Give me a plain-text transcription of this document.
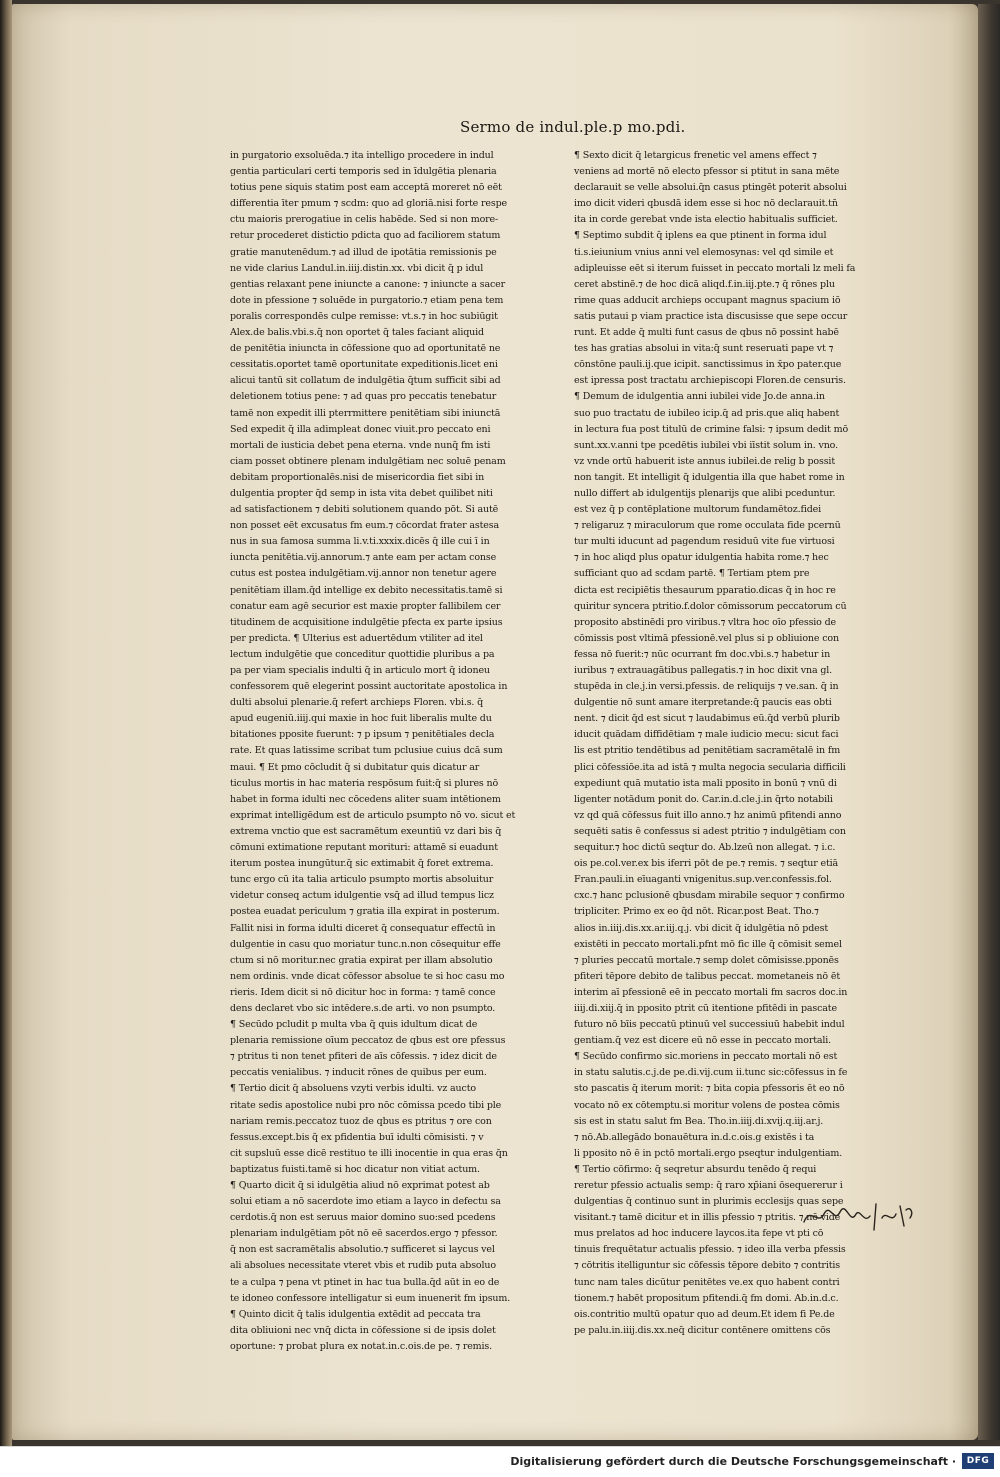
Sermo de indul.ple.p mo.pdi.
in purgatorio exsoluēda.⁊ ita intelligo procedere in indul
gentia particulari certi temporis sed in īdulgētia plenaria
totius pene siquis statim post eam acceptā moreret nō eēt
differentia īter pmum ⁊ scdm: quo ad gloriā.nisi forte respe
ctu maioris prerogatiue in celis habēde. Sed si non more-
retur procederet distictio pdicta quo ad faciliorem statum
gratie manutenēdum.⁊ ad illud de ipotātia remissionis pe
ne vide clarius Landul.in.iiij.distin.xx. vbi dicit q̄ p idul
gentias relaxant pene iniuncte a canone: ⁊ iniuncte a sacer
dote in pfessione ⁊ soluēde in purgatorio.⁊ etiam pena tem
poralis correspondēs culpe remisse: vt.s.⁊ in hoc subiūgit
Alex.de balis.vbi.s.q̄ non oportet q̄ tales faciant aliquid
de penitētia iniuncta in cōfessione quo ad oportunitatē ne
cessitatis.oportet tamē oportunitate expeditionis.licet eni
alicui tantū sit collatum de indulgētia q̄tum sufficit sibi ad
deletionem totius pene: ⁊ ad quas pro peccatis tenebatur
tamē non expedit illi pterrmittere penitētiam sibi iniunctā
Sed expedit q̄ illa adimpleat donec viuit.pro peccato eni
mortali de iusticia debet pena eterna. vnde nunq̄ fm isti
ciam posset obtinere plenam indulgētiam nec soluē penam
debitam proportionalēs.nisi de misericordia fiet sibi in
dulgentia propter q̄d semp in ista vita debet quilibet niti
ad satisfactionem ⁊ debiti solutionem quando pōt. Si autē
non posset eēt excusatus fm eum.⁊ cōcordat frater astesa
nus in sua famosa summa li.v.ti.xxxix.dicēs q̄ ille cui ī in
iuncta penitētia.vij.annorum.⁊ ante eam per actam conse
cutus est postea indulgētiam.vij.annor non tenetur agere
penitētiam illam.q̄d intellige ex debito necessitatis.tamē si
conatur eam agē securior est maxie propter fallibilem cer
titudinem de acquisitione indulgētie pfecta ex parte ipsius
per predicta. ¶ Ulterius est aduertēdum vtiliter ad itel
lectum indulgētie que conceditur quottidie pluribus a pa
pa per viam specialis indulti q̄ in articulo mort q̄ idoneu
confessorem quē elegerint possint auctoritate apostolica in
dulti absolui plenarie.q̄ refert archieps Floren. vbi.s. q̄
apud eugeniū.iiij.qui maxie in hoc fuit liberalis multe du
bitationes pposite fuerunt: ⁊ p ipsum ⁊ penitētiales decla
rate. Et quas latissime scribat tum pclusiue cuius dcā sum
maui. ¶ Et pmo cōcludit q̄ si dubitatur quis dicatur ar
ticulus mortis in hac materia respōsum fuit:q̄ si plures nō
habet in forma idulti nec cōcedens aliter suam intētionem
exprimat intelligēdum est de articulo psumpto nō vo. sicut et
extrema vnctio que est sacramētum exeuntiū vz dari bis q̄
cōmuni extimatione reputant morituri: attamē si euadunt
iterum postea inungūtur.q̄ sic extimabit q̄ foret extrema.
tunc ergo cū ita talia articulo psumpto mortis absoluitur
videtur conseq actum idulgentie vsq̄ ad illud tempus licz
postea euadat periculum ⁊ gratia illa expirat in posterum.
Fallit nisi in forma idulti diceret q̄ consequatur effectū in
dulgentie in casu quo moriatur tunc.n.non cōsequitur effe
ctum si nō moritur.nec gratia expirat per illam absolutio
nem ordinis. vnde dicat cōfessor absolue te si hoc casu mo
rieris. Idem dicit si nō dicitur hoc in forma: ⁊ tamē conce
dens declaret vbo sic intēdere.s.de arti. vo non psumpto.
¶ Secūdo pcludit p multa vba q̄ quis idultum dicat de
plenaria remissione oīum peccatoz de qbus est ore pfessus
⁊ ptritus ti non tenet pfiteri de aīs cōfessis. ⁊ idez dicit de
peccatis venialibus. ⁊ inducit rōnes de quibus per eum.
¶ Tertio dicit q̄ absoluens vzyti verbis idulti. vz aucto
ritate sedis apostolice nubi pro nōc cōmissa pcedo tibi ple
nariam remis.peccatoz tuoz de qbus es ptritus ⁊ ore con
fessus.except.bis q̄ ex pfidentia buī idulti cōmisisti. ⁊ v
cit supsluū esse dicē restituo te illi inocentie in qua eras q̄n
baptizatus fuisti.tamē si hoc dicatur non vitiat actum.
¶ Quarto dicit q̄ si idulgētia aliud nō exprimat potest ab
solui etiam a nō sacerdote imo etiam a layco in defectu sa
cerdotis.q̄ non est seruus maior domino suo:sed pcedens
plenariam indulgētiam pōt nō eē sacerdos.ergo ⁊ pfessor.
q̄ non est sacramētalis absolutio.⁊ sufficeret si laycus vel
ali absolues necessitate vteret vbis et rudib puta absoluo
te a culpa ⁊ pena vt ptinet in hac tua bulla.q̄d aūt in eo de
te idoneo confessore intelligatur si eum inuenerit fm ipsum.
¶ Quinto dicit q̄ talis idulgentia extēdit ad peccata tra
dita obliuioni nec vnq̄ dicta in cōfessione si de ipsis dolet
oportune: ⁊ probat plura ex notat.in.c.ois.de pe. ⁊ remis.
¶ Sexto dicit q̄ letargicus frenetic vel amens effect ⁊
veniens ad mortē nō electo pfessor si ptitut in sana mēte
declarauit se velle absolui.q̄n casus ptingēt poterit absolui
imo dicit videri qbusdā idem esse si hoc nō declarauit.tn̄
ita in corde gerebat vnde ista electio habitualis sufficiet.
¶ Septimo subdit q̄ iplens ea que ptinent in forma idul
ti.s.ieiunium vnius anni vel elemosynas: vel qd simile et
adipleuisse eēt si iterum fuisset in peccato mortali lz meli fa
ceret abstinē.⁊ de hoc dicā aliqd.f.in.iij.pte.⁊ q̄ rōnes plu
rime quas adducit archieps occupant magnus spacium iō
satis putaui p viam practice ista discusisse que sepe occur
runt. Et adde q̄ multi funt casus de qbus nō possint habē
tes has gratias absolui in vita:q̄ sunt reseruati pape vt ⁊
cōnstōne pauli.ij.que icipit. sanctissimus in x̄po pater.que
est ipressa post tractatu archiepiscopi Floren.de censuris.
¶ Demum de idulgentia anni iubilei vide Jo.de anna.in
suo puo tractatu de iubileo icip.q̄ ad pris.que aliq habent
in lectura fua post titulū de crimine falsi: ⁊ ipsum dedit mō
sunt.xx.v.anni tpe pcedētis iubilei vbi iīstit solum in. vno.
vz vnde ortū habuerit iste annus iubilei.de relig b possit
non tangit. Et intelligit q̄ idulgentia illa que habet rome in
nullo differt ab idulgentijs plenarijs que alibi pceduntur.
est vez q̄ p contēplatione multorum fundamētoz.fidei
⁊ religaruz ⁊ miraculorum que rome occulata fide pcernū
tur multi iducunt ad pagendum residuū vite fue virtuosi
⁊ in hoc aliqd plus opatur idulgentia habita rome.⁊ hec
sufficiant quo ad scdam partē. ¶ Tertiam ptem pre
dicta est recipiētis thesaurum pparatio.dicas q̄ in hoc re
quiritur syncera ptritio.f.dolor cōmissorum peccatorum cū
proposito abstinēdi pro viribus.⁊ vltra hoc oīo pfessio de
cōmissis post vltimā pfessionē.vel plus si p obliuione con
fessa nō fuerit:⁊ nūc ocurrant fm doc.vbi.s.⁊ habetur in
iuribus ⁊ extrauagātibus pallegatis.⁊ in hoc dixit vna gl.
stupēda in cle.j.in versi.pfessis. de reliquijs ⁊ ve.san. q̄ in
dulgentie nō sunt amare iterpretande:q̄ paucis eas obti
nent. ⁊ dicit q̄d est sicut ⁊ laudabimus eū.q̄d verbū plurib
iducit quādam diffidētiam ⁊ male iudicio mecu: sicut faci
lis est ptritio tendētibus ad penitētiam sacramētalē in fm
plici cōfessiōe.ita ad istā ⁊ multa negocia secularia difficili
expediunt quā mutatio ista mali pposito in bonū ⁊ vnū di
ligenter notādum ponit do. Car.in.d.cle.j.in q̄rto notabili
vz qd quā cōfessus fuit illo anno.⁊ hz animū pfitendi anno
sequēti satis ē confessus si adest ptritio ⁊ indulgētiam con
sequitur.⁊ hoc dictū seqtur do. Ab.lzeū non allegat. ⁊ i.c.
ois pe.col.ver.ex bis iferri pōt de pe.⁊ remis. ⁊ seqtur etiā
Fran.pauli.in eīuaganti vnigenitus.sup.ver.confessis.fol.
cxc.⁊ hanc pclusionē qbusdam mirabile sequor ⁊ confirmo
tripliciter. Primo ex eo q̄d nōt. Ricar.post Beat. Tho.⁊
alios in.iiij.dis.xx.ar.iij.q.j. vbi dicit q̄ idulgētia nō pdest
existēti in peccato mortali.pfnt mō fic ille q̄ cōmisit semel
⁊ pluries peccatū mortale.⁊ semp dolet cōmisisse.pponēs
pfiteri tēpore debito de talibus peccat. mometaneis nō ēt
interim aī pfessionē eē in peccato mortali fm sacros doc.in
iiij.di.xiij.q̄ in pposito ptrit cū itentione pfitēdi in pascate
futuro nō bīis peccatū ptinuū vel successiuū habebit indul
gentiam.q̄ vez est dicere eū nō esse in peccato mortali.
¶ Secūdo confirmo sic.moriens in peccato mortali nō est
in statu salutis.c.j.de pe.di.vij.cum ii.tunc sic:cōfessus in fe
sto pascatis q̄ iterum morit: ⁊ bita copia pfessoris ēt eo nō
vocato nō ex cōtemptu.si moritur volens de postea cōmis
sis est in statu salut fm Bea. Tho.in.iiij.di.xvij.q.iij.ar.j.
⁊ nō.Ab.allegādo bonauētura in.d.c.ois.g existēs i ta
li pposito nō ē in pctō mortali.ergo pseqtur indulgentiam.
¶ Tertio cōfirmo: q̄ seqretur absurdu tenēdo q̄ requi
reretur pfessio actualis semp: q̄ raro xp̄iani ōsequererur i
dulgentias q̄ continuo sunt in plurimis ecclesijs quas sepe
visitant.⁊ tamē dicitur et in illis pfessio ⁊ ptritis. ⁊ nō vide
mus prelatos ad hoc inducere laycos.ita fepe vt pti cō
tinuis frequētatur actualis pfessio. ⁊ ideo illa verba pfessis
⁊ cōtritis itelliguntur sic cōfessis tēpore debito ⁊ contritis
tunc nam tales dicūtur penitētes ve.ex quo habent contri
tionem.⁊ habēt propositum pfitendi.q̄ fm domi. Ab.in.d.c.
ois.contritio multū opatur quo ad deum.Et idem fi Pe.de
pe palu.in.iiij.dis.xx.neq̄ dicitur contēnere omittens cōs
Digitalisierung gefördert durch die Deutsche Forschungsgemeinschaft ·	DFG
